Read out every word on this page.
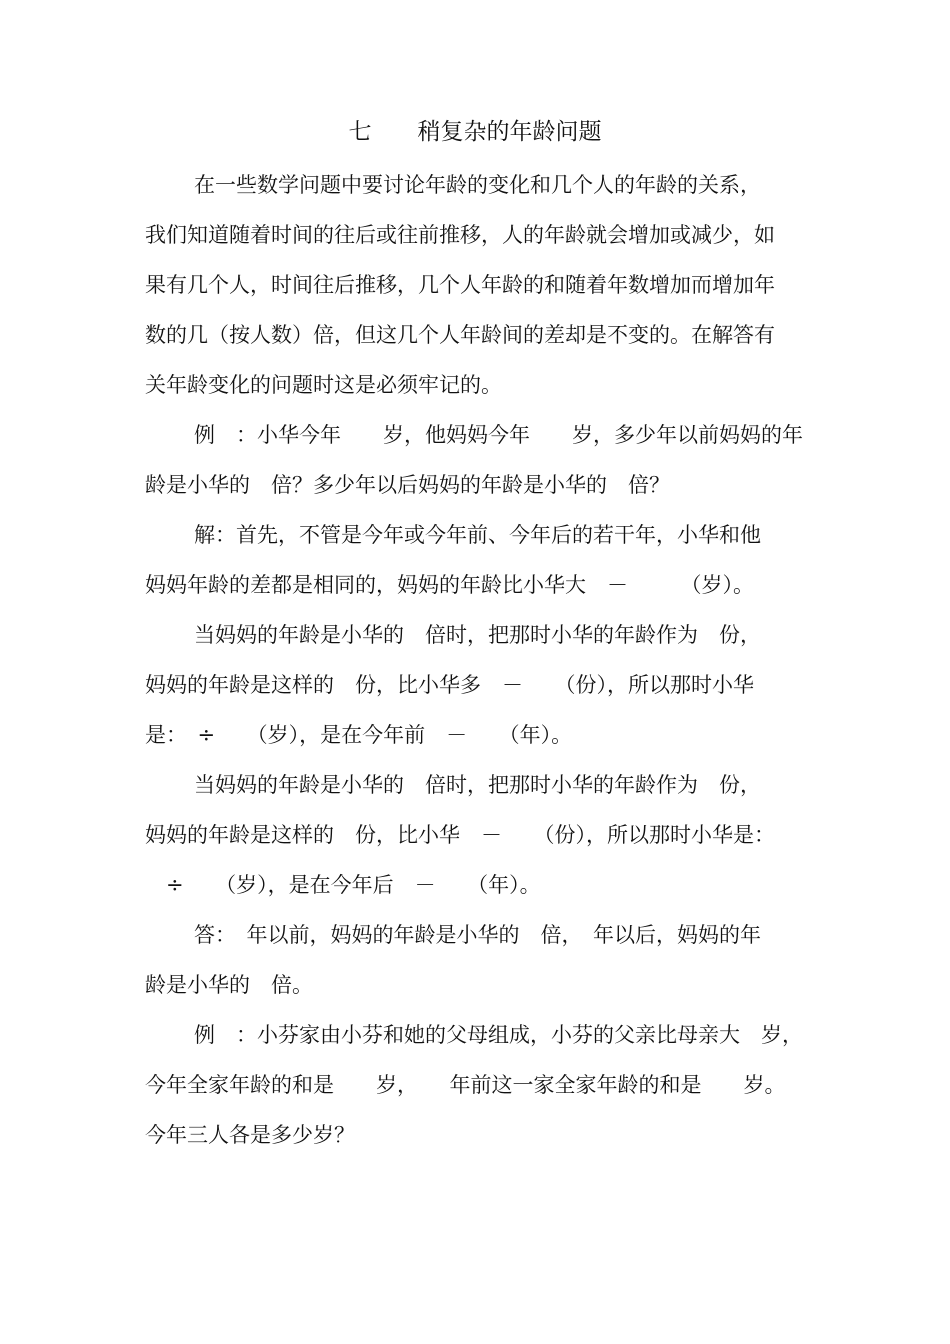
七　　稍复杂的年龄问题
在一些数学问题中要讨论年龄的变化和几个人的年龄的关系，
我们知道随着时间的往后或往前推移，人的年龄就会增加或减少，如
果有几个人，时间往后推移，几个人年龄的和随着年数增加而增加年
数的几（按人数）倍，但这几个人年龄间的差却是不变的。在解答有
关年龄变化的问题时这是必须牢记的。
例　：小华今年　　岁，他妈妈今年　　岁，多少年以前妈妈的年
龄是小华的　倍？多少年以后妈妈的年龄是小华的　倍？
解：首先，不管是今年或今年前、今年后的若干年，小华和他
妈妈年龄的差都是相同的，妈妈的年龄比小华大　－　　　（岁）。
当妈妈的年龄是小华的　倍时，把那时小华的年龄作为　份，
妈妈的年龄是这样的　份，比小华多　－　　（份），所以那时小华
是：　÷　　（岁），是在今年前　－　　（年）。
当妈妈的年龄是小华的　倍时，把那时小华的年龄作为　份，
妈妈的年龄是这样的　份，比小华　－　　（份），所以那时小华是：
　÷　　（岁），是在今年后　－　　（年）。
答：　年以前，妈妈的年龄是小华的　倍，　年以后，妈妈的年
龄是小华的　倍。
例　：小芬家由小芬和她的父母组成，小芬的父亲比母亲大　岁，
今年全家年龄的和是　　岁，　　年前这一家全家年龄的和是　　岁。
今年三人各是多少岁？
